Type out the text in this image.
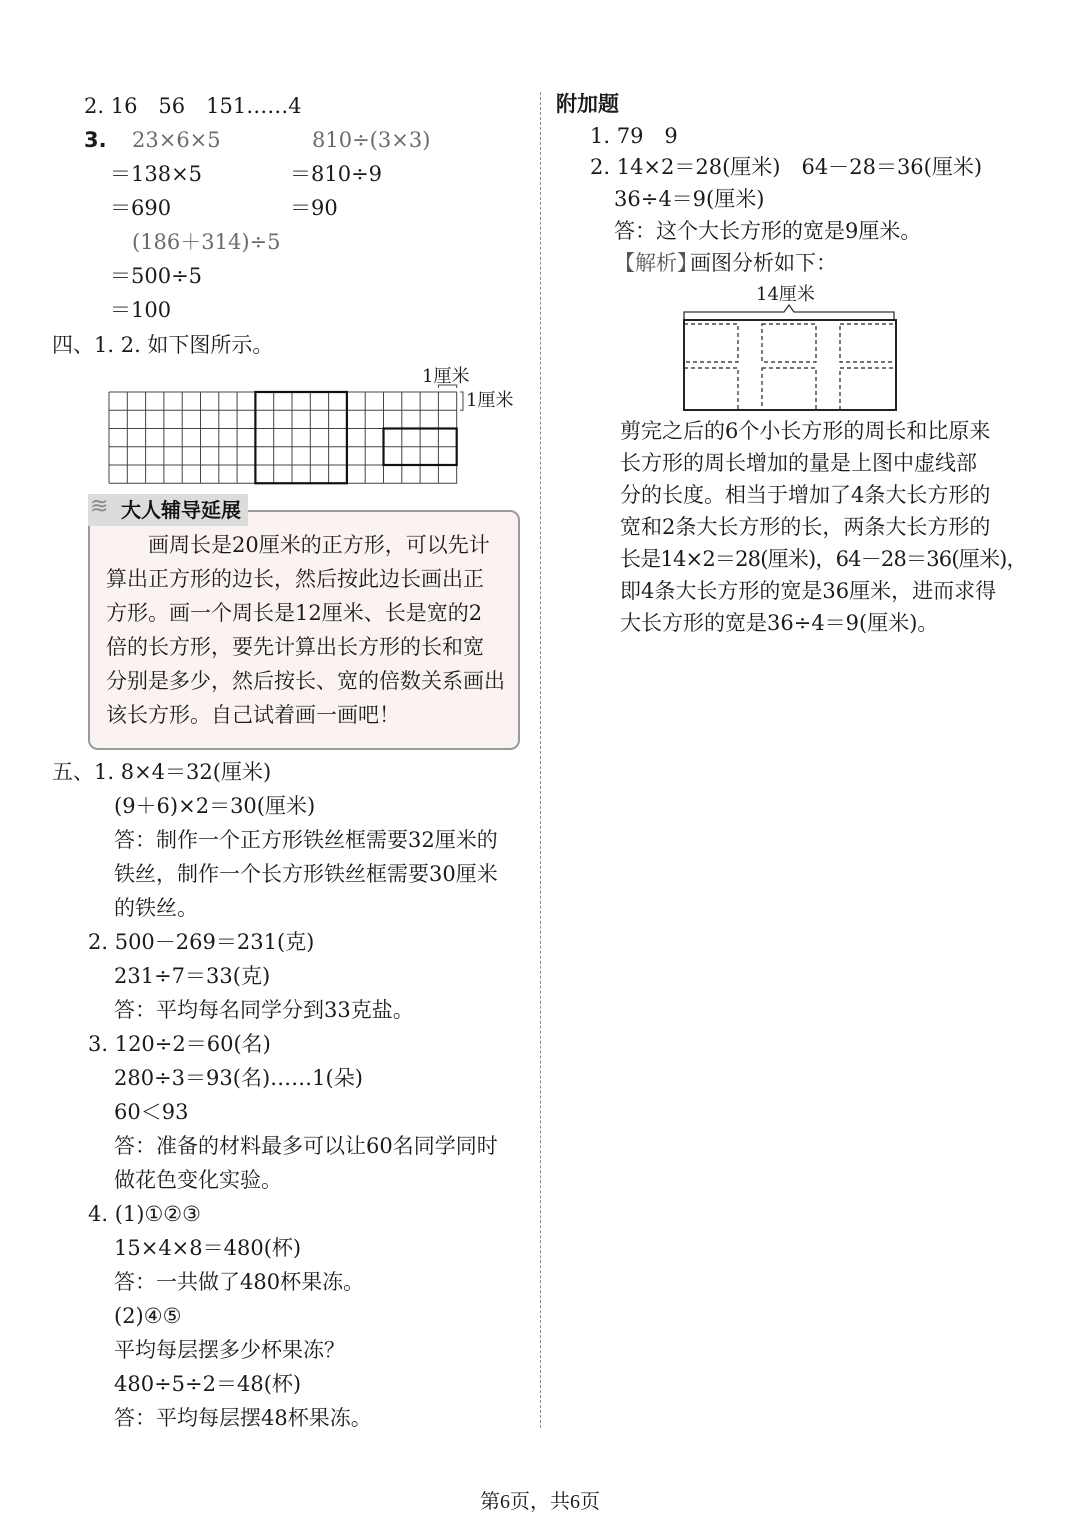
2. 16　56　151……4
3. 23×6×5	810÷(3×3)
＝138×5	＝810÷9
＝690	＝90
(186＋314)÷5
＝500÷5
＝100
四、1. 2. 如下图所示。
1厘米
1厘米
≋ 大人辅导延展
　　画周长是20厘米的正方形，可以先计
算出正方形的边长，然后按此边长画出正
方形。画一个周长是12厘米、长是宽的2
倍的长方形，要先计算出长方形的长和宽
分别是多少，然后按长、宽的倍数关系画出
该长方形。自己试着画一画吧！
五、1. 8×4＝32(厘米)
(9＋6)×2＝30(厘米)
答：制作一个正方形铁丝框需要32厘米的
铁丝，制作一个长方形铁丝框需要30厘米
的铁丝。
2. 500－269＝231(克)
231÷7＝33(克)
答：平均每名同学分到33克盐。
3. 120÷2＝60(名)
280÷3＝93(名)……1(朵)
60＜93
答：准备的材料最多可以让60名同学同时
做花色变化实验。
4. (1)①②③
15×4×8＝480(杯)
答：一共做了480杯果冻。
(2)④⑤
平均每层摆多少杯果冻？
480÷5÷2＝48(杯)
答：平均每层摆48杯果冻。
附加题
1. 79　9
2. 14×2＝28(厘米)　64－28＝36(厘米)
36÷4＝9(厘米)
答：这个大长方形的宽是9厘米。
【解析】
画图分析如下：
14厘米
剪完之后的6个小长方形的周长和比原来
长方形的周长增加的量是上图中虚线部
分的长度。相当于增加了4条大长方形的
宽和2条大长方形的长，两条大长方形的
长是14×2＝28(厘米)，64－28＝36(厘米)，
即4条大长方形的宽是36厘米，进而求得
大长方形的宽是36÷4＝9(厘米)。
第6页，共6页
